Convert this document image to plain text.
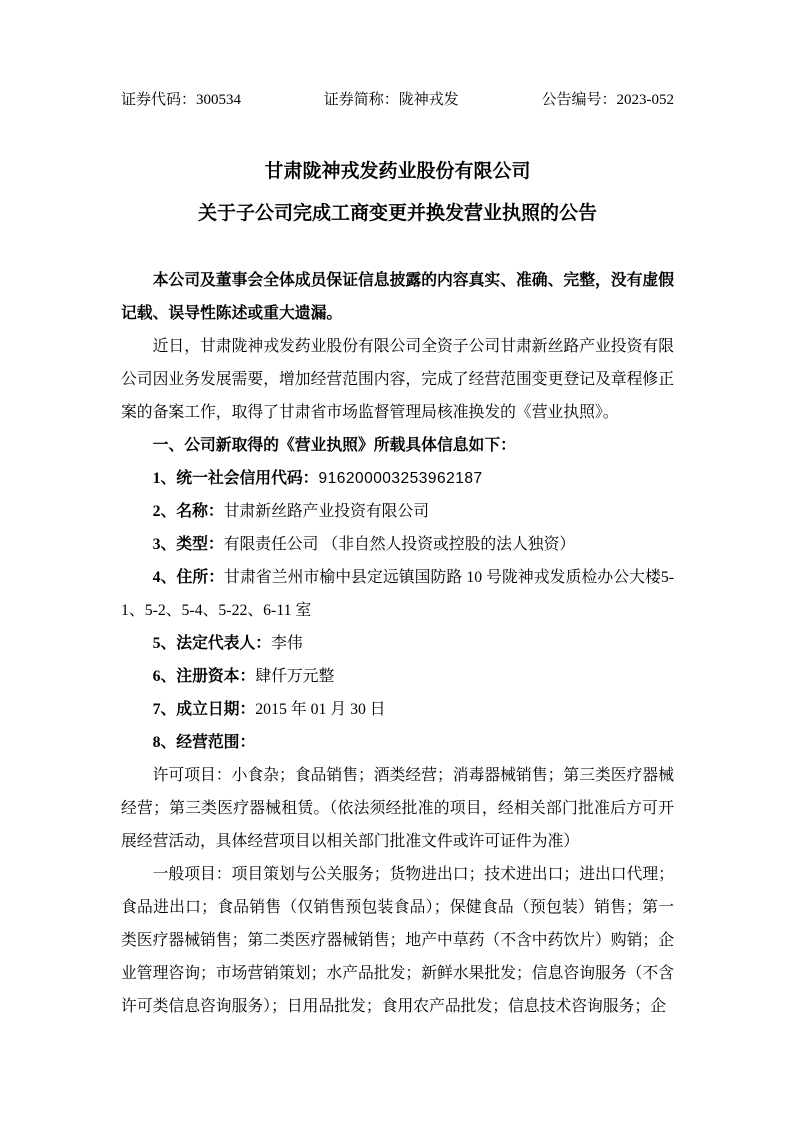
证券代码：300534	证券简称：陇神戎发	公告编号：2023-052
甘肃陇神戎发药业股份有限公司
关于子公司完成工商变更并换发营业执照的公告

本公司及董事会全体成员保证信息披露的内容真实、准确、完整，没有虚假记载、误导性陈述或重大遗漏。

近日，甘肃陇神戎发药业股份有限公司全资子公司甘肃新丝路产业投资有限公司因业务发展需要，增加经营范围内容，完成了经营范围变更登记及章程修正案的备案工作，取得了甘肃省市场监督管理局核准换发的《营业执照》。

一、公司新取得的《营业执照》所载具体信息如下：

1、统一社会信用代码：916200003253962187

2、名称：甘肃新丝路产业投资有限公司

3、类型：有限责任公司 （非自然人投资或控股的法人独资）

4、住所：甘肃省兰州市榆中县定远镇国防路 10 号陇神戎发质检办公大楼5-1、5-2、5-4、5-22、6-11 室

5、法定代表人：李伟

6、注册资本：肆仟万元整

7、成立日期：2015 年 01 月 30 日

8、经营范围：

许可项目：小食杂；食品销售；酒类经营；消毒器械销售；第三类医疗器械经营；第三类医疗器械租赁。（依法须经批准的项目，经相关部门批准后方可开展经营活动，具体经营项目以相关部门批准文件或许可证件为准）

一般项目：项目策划与公关服务；货物进出口；技术进出口；进出口代理；食品进出口；食品销售（仅销售预包装食品）；保健食品（预包装）销售；第一类医疗器械销售；第二类医疗器械销售；地产中草药（不含中药饮片）购销；企业管理咨询；市场营销策划；水产品批发；新鲜水果批发；信息咨询服务（不含许可类信息咨询服务）；日用品批发；食用农产品批发；信息技术咨询服务；企
